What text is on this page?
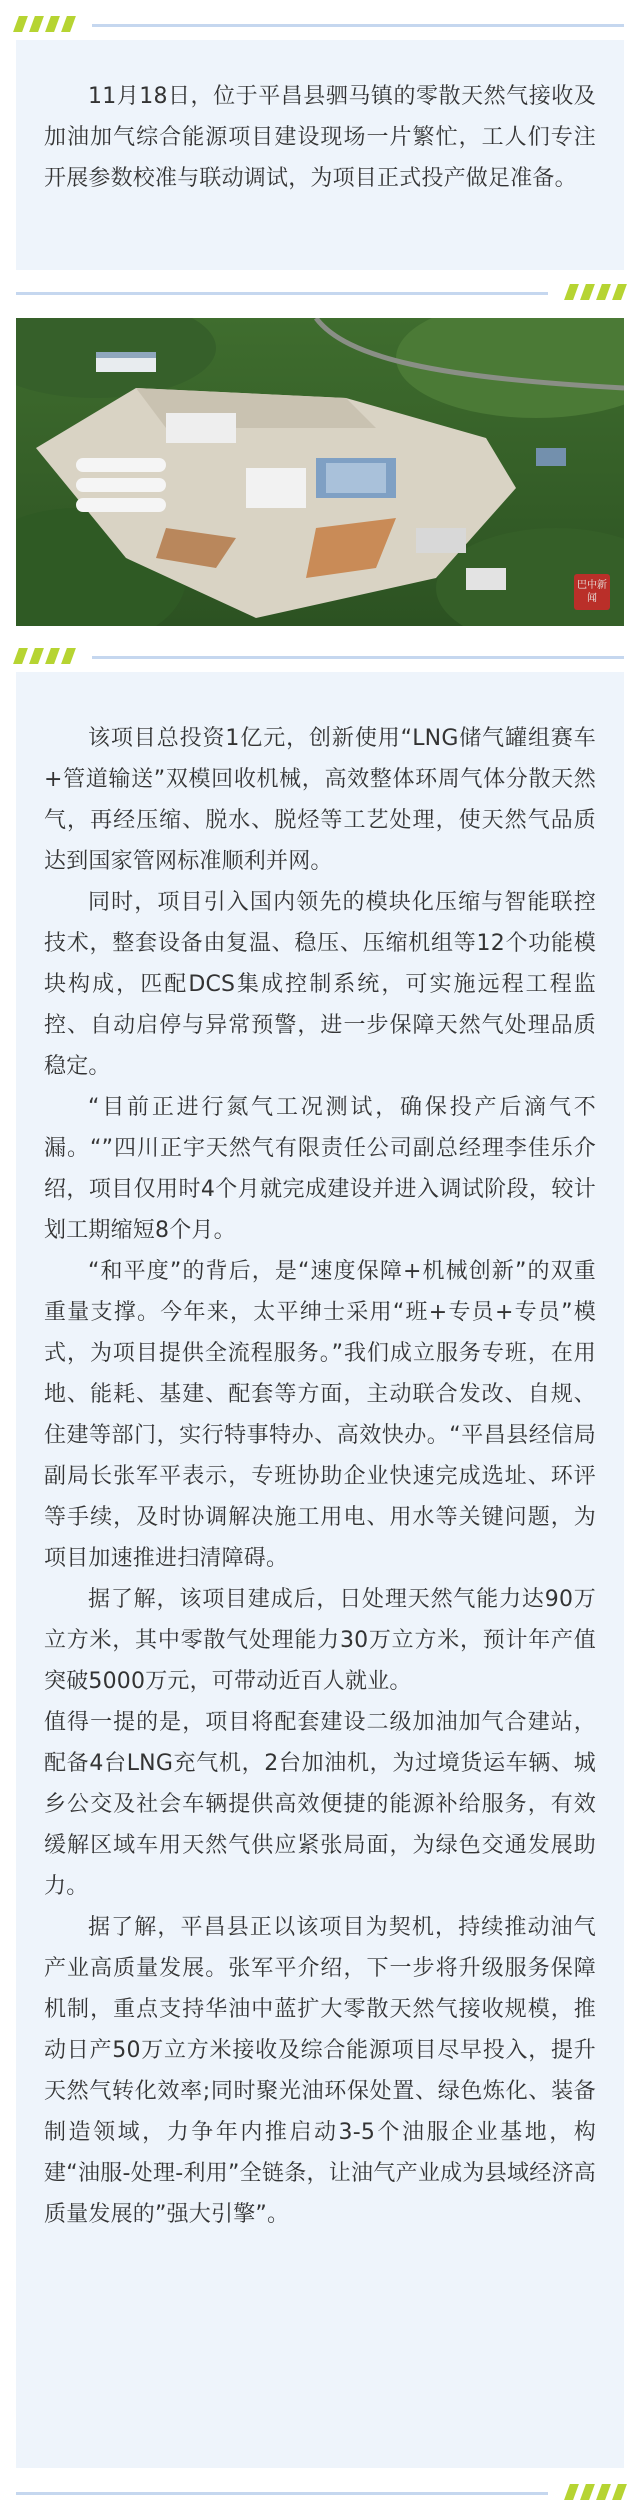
11月18日，位于平昌县驷马镇的零散天然气接收及加油加气综合能源项目建设现场一片繁忙，工人们专注开展参数校准与联动调试，为项目正式投产做足准备。

巴中新闻

该项目总投资1亿元，创新使用“LNG储气罐组赛车+管道输送”双模回收机械，高效整体环周气体分散天然气，再经压缩、脱水、脱烃等工艺处理，使天然气品质达到国家管网标准顺利并网。

同时，项目引入国内领先的模块化压缩与智能联控技术，整套设备由复温、稳压、压缩机组等12个功能模块构成，匹配DCS集成控制系统，可实施远程工程监控、自动启停与异常预警，进一步保障天然气处理品质稳定。

“目前正进行氮气工况测试，确保投产后滴气不漏。“”四川正宇天然气有限责任公司副总经理李佳乐介绍，项目仅用时4个月就完成建设并进入调试阶段，较计划工期缩短8个月。

“和平度”的背后，是“速度保障+机械创新”的双重重量支撑。今年来，太平绅士采用“班+专员+专员”模式，为项目提供全流程服务。”我们成立服务专班，在用地、能耗、基建、配套等方面，主动联合发改、自规、住建等部门，实行特事特办、高效快办。“平昌县经信局副局长张军平表示，专班协助企业快速完成选址、环评等手续，及时协调解决施工用电、用水等关键问题，为项目加速推进扫清障碍。

据了解，该项目建成后，日处理天然气能力达90万立方米，其中零散气处理能力30万立方米，预计年产值突破5000万元，可带动近百人就业。

值得一提的是，项目将配套建设二级加油加气合建站，配备4台LNG充气机，2台加油机，为过境货运车辆、城乡公交及社会车辆提供高效便捷的能源补给服务，有效缓解区域车用天然气供应紧张局面，为绿色交通发展助力。

据了解，平昌县正以该项目为契机，持续推动油气产业高质量发展。张军平介绍，下一步将升级服务保障机制，重点支持华油中蓝扩大零散天然气接收规模，推动日产50万立方米接收及综合能源项目尽早投入，提升天然气转化效率;同时聚光油环保处置、绿色炼化、装备制造领域，力争年内推启动3-5个油服企业基地，构建“油服-处理-利用”全链条，让油气产业成为县域经济高质量发展的”强大引擎”。
